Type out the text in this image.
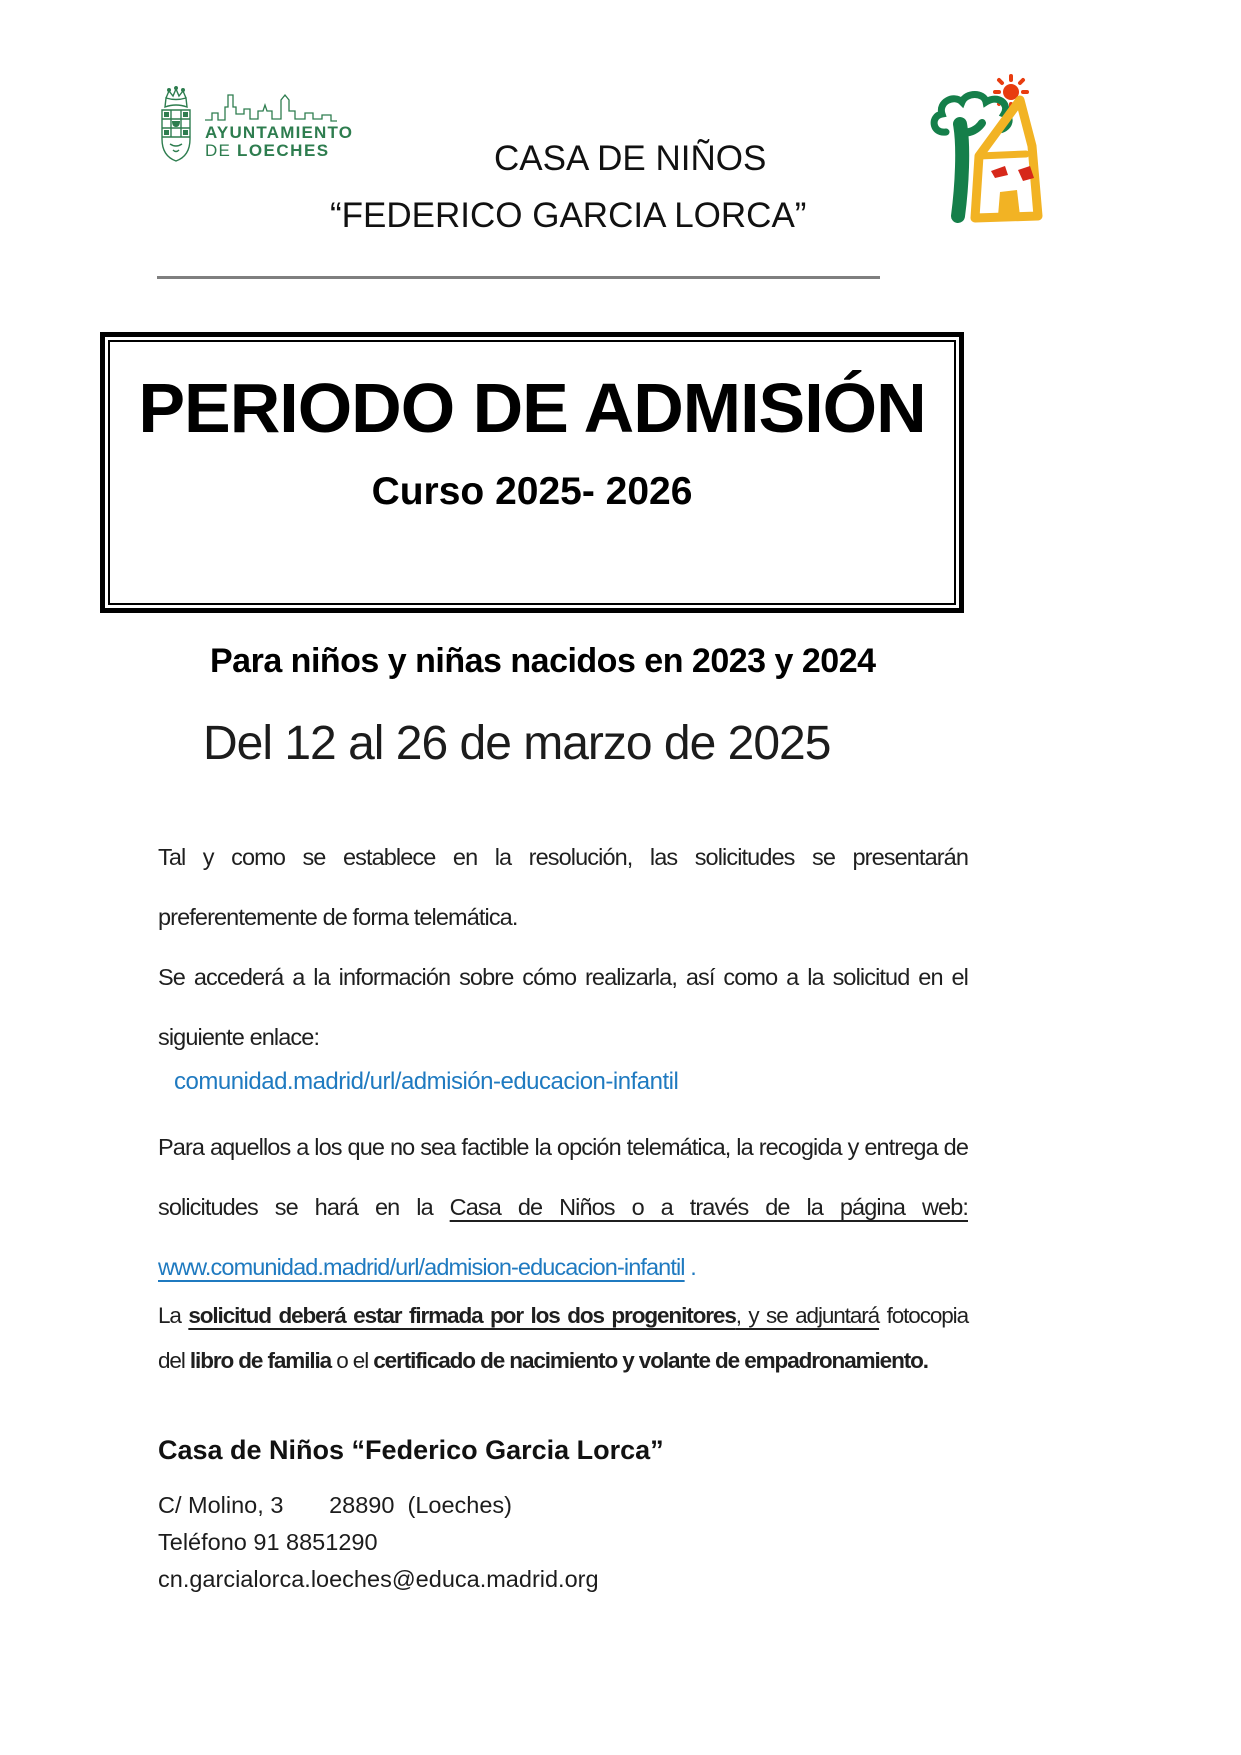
AYUNTAMIENTO
DE LOECHES	CASA DE NIÑOS
“FEDERICO GARCIA LORCA”
PERIODO DE ADMISIÓN
Curso 2025- 2026

Para niños y niñas nacidos en 2023 y 2024

Del 12 al 26 de marzo de 2025

Tal y como se establece en la resolución, las solicitudes se presentarán preferentemente de forma telemática.

Se accederá a la información sobre cómo realizarla, así como a la solicitud en el siguiente enlace:

comunidad.madrid/url/admisión-educacion-infantil

Para aquellos a los que no sea factible la opción telemática, la recogida y entrega de solicitudes se hará en la Casa de Niños o a través de la página web: www.comunidad.madrid/url/admision-educacion-infantil .

La solicitud deberá estar firmada por los dos progenitores, y se adjuntará fotocopia del libro de familia o el certificado de nacimiento y volante de empadronamiento.

Casa de Niños “Federico Garcia Lorca”

C/ Molino, 3       28890  (Loeches)
Teléfono 91 8851290
cn.garcialorca.loeches@educa.madrid.org
